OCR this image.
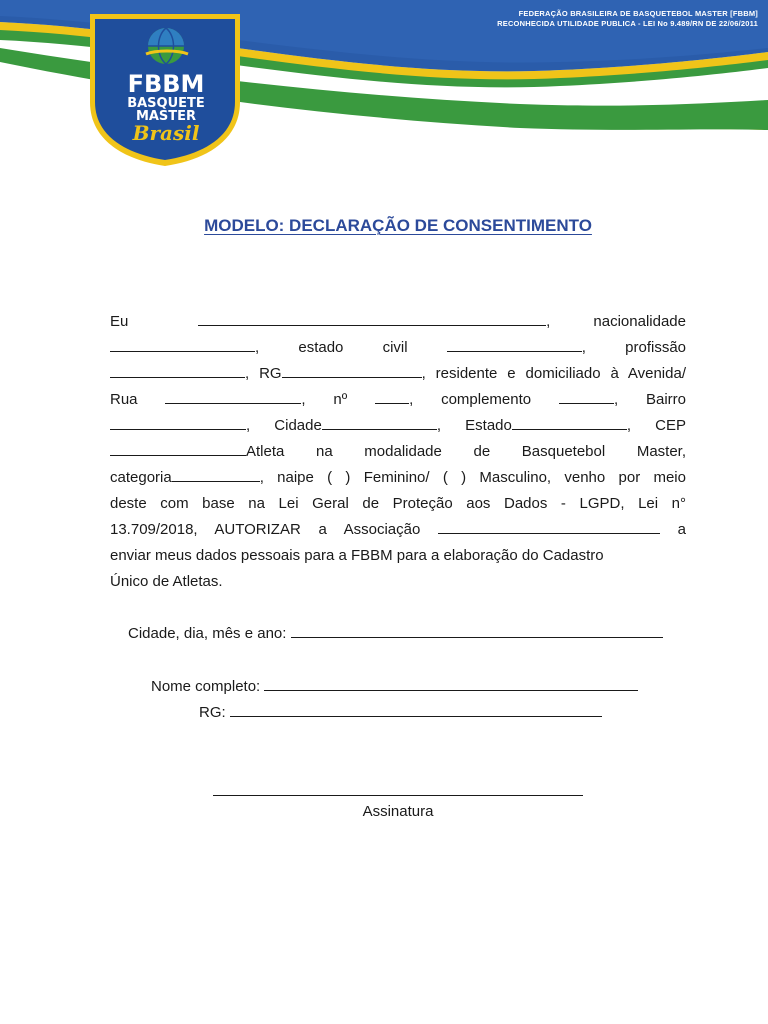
FEDERAÇÃO BRASILEIRA DE BASQUETEBOL MASTER [FBBM]
RECONHECIDA UTILIDADE PUBLICA - LEI No 9.489/RN DE 22/06/2011
FBBM
BASQUETE
MASTER
Brasil
MODELO: DECLARAÇÃO DE CONSENTIMENTO
Eu	, nacionalidade
, estado	civil	, profissão
, RG	, residente e domiciliado à Avenida/
Rua	, nº	, complemento	, Bairro
, Cidade	, Estado	, CEP
Atleta na modalidade de Basquetebol Master,
categoria	, naipe ( ) Feminino/ ( ) Masculino, venho por meio
deste com base na Lei Geral de Proteção aos Dados - LGPD, Lei n°
13.709/2018, AUTORIZAR a Associação	a
enviar meus dados pessoais para a FBBM para a elaboração do Cadastro
Único de Atletas.
Cidade, dia, mês e ano:
Nome completo:
RG:
Assinatura
